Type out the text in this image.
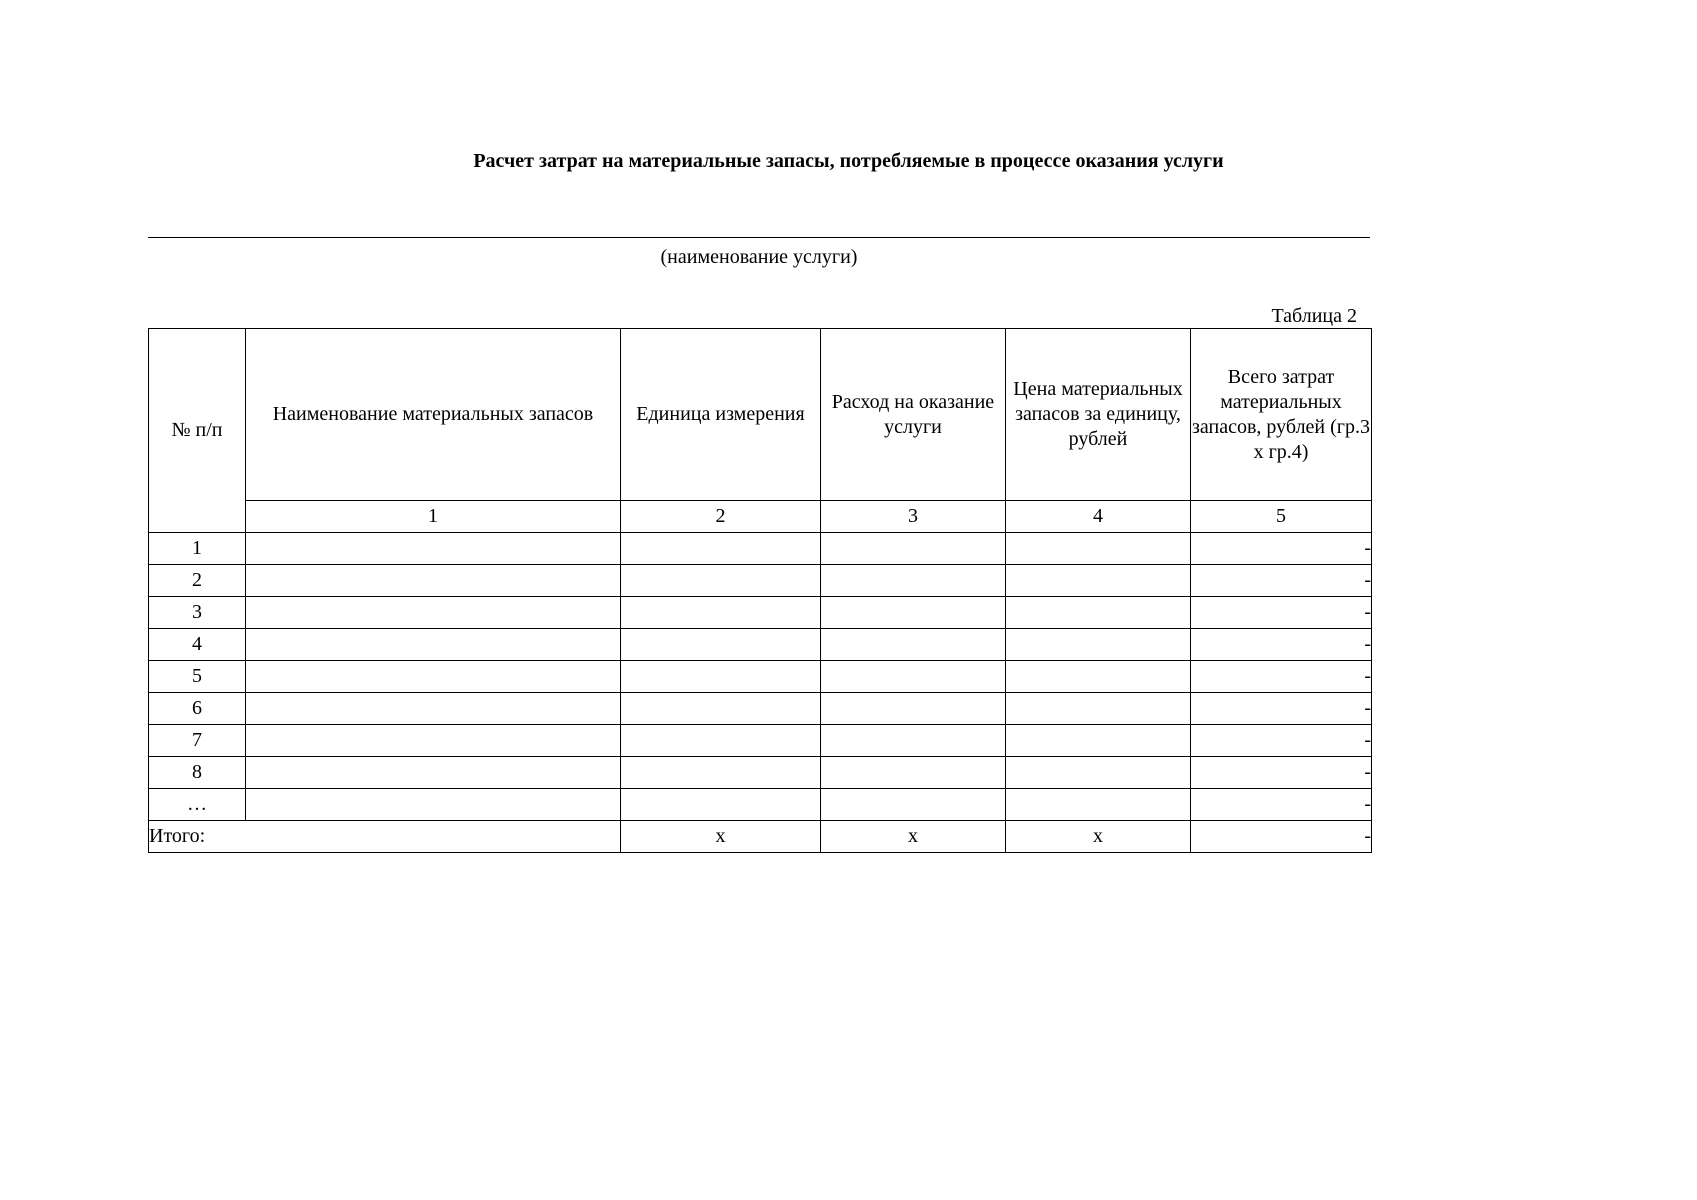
Расчет затрат на материальные запасы, потребляемые в процессе оказания услуги
(наименование услуги)
Таблица 2
№ п/п	Наименование материальных запасов	Единица измерения	Расход на оказание услуги	Цена материальных запасов за единицу, рублей	Всего затрат материальных запасов, рублей (гр.3 х гр.4)
	1	2	3	4	5
1					-
2					-
3					-
4					-
5					-
6					-
7					-
8					-
…					-
Итого:		х	х	х	-
